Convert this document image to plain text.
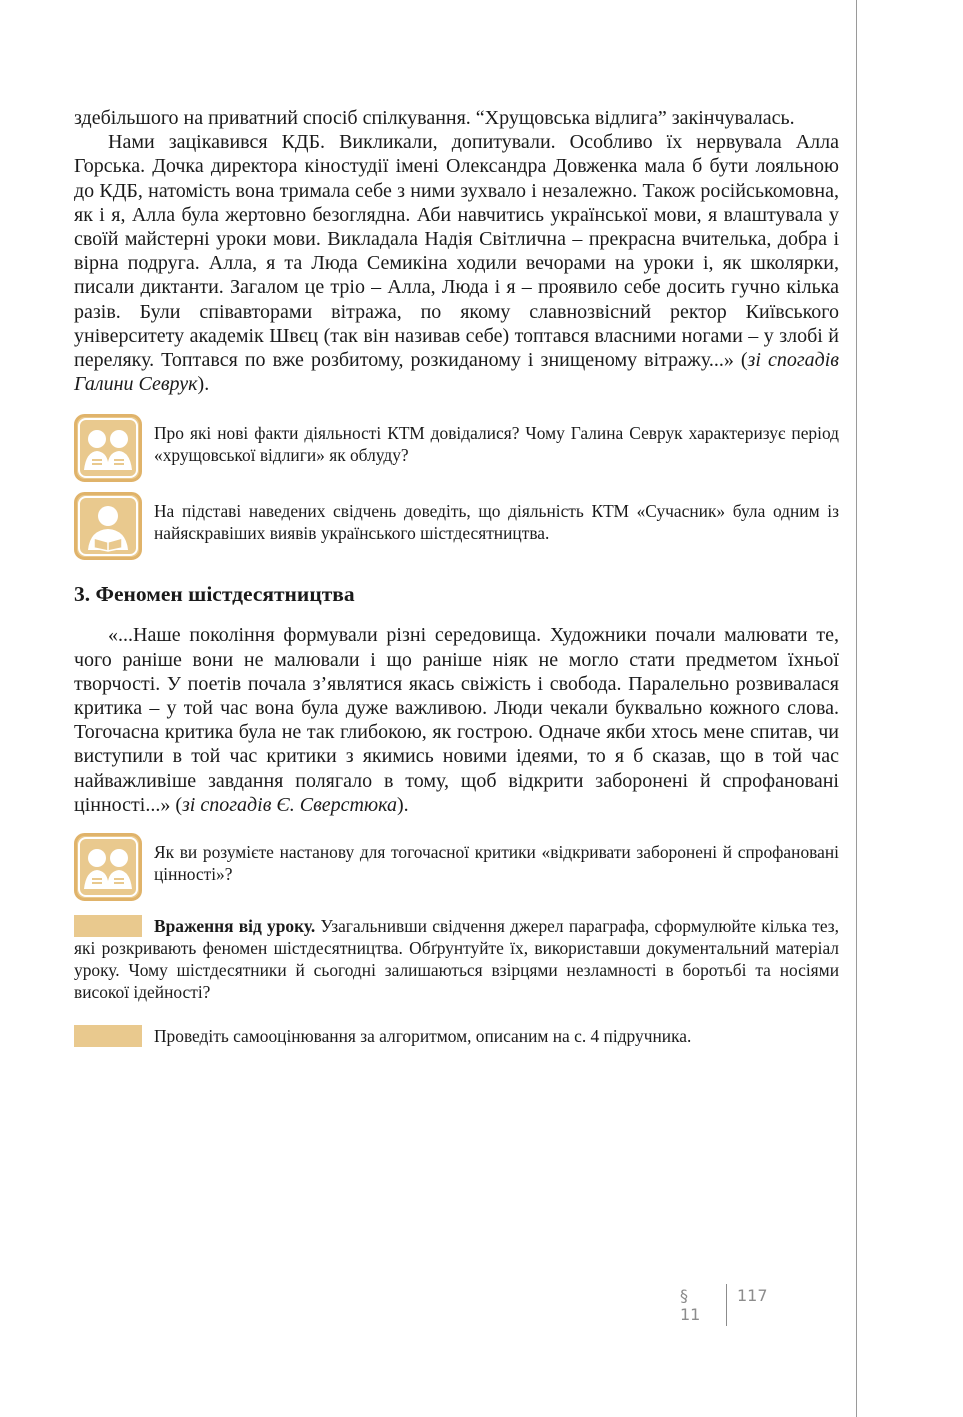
здебільшого на приватний спосіб спілкування. “Хрущовська відлига” закінчувалась.

Нами зацікавився КДБ. Викликали, допитували. Особливо їх нервувала Алла Горська. Дочка директора кіностудії імені Олександра Довженка мала б бути лояльною до КДБ, натомість вона тримала себе з ними зухвало і незалежно. Також російськомовна, як і я, Алла була жертовно безоглядна. Аби навчитись української мови, я влаштувала у своїй майстерні уроки мови. Викладала Надія Світлична – прекрасна вчителька, добра і вірна подруга. Алла, я та Люда Семикіна ходили вечорами на уроки і, як школярки, писали диктанти. Загалом це тріо – Алла, Люда і я – проявило себе досить гучно кілька разів. Були співавторами вітража, по якому славнозвісний ректор Київського університету академік Швєц (так він називав себе) топтався власними ногами – у злобі й переляку. Топтався по вже розбитому, розкиданому і знищеному вітражу...» (зі спогадів Галини Севрук).

Про які нові факти діяльності КТМ довідалися? Чому Галина Севрук характеризує період «хрущовської відлиги» як облуду?

На підставі наведених свідчень доведіть, що діяльність КТМ «Сучасник» була одним із найяскравіших виявів українського шістдесятництва.

3. Феномен шістдесятництва

«...Наше покоління формували різні середовища. Художники почали малювати те, чого раніше вони не малювали і що раніше ніяк не могло стати предметом їхньої творчості. У поетів почала з’являтися якась свіжість і свобода. Паралельно розвивалася критика – у той час вона була дуже важливою. Люди чекали буквально кожного слова. Тогочасна критика була не так глибокою, як гострою. Одначе якби хтось мене спитав, чи виступили в той час критики з якимись новими ідеями, то я б сказав, що в той час найважливіше завдання полягало в тому, щоб відкрити заборонені й спрофановані цінності...» (зі спогадів Є. Сверстюка).

Як ви розумієте настанову для тогочасної критики «відкривати заборонені й спрофановані цінності»?

Враження від уроку. Узагальнивши свідчення джерел параграфа, сформулюйте кілька тез, які розкривають феномен шістдесятництва. Обґрунтуйте їх, використавши документальний матеріал уроку. Чому шістдесятники й сьогодні залишаються взірцями незламності в боротьбі та носіями високої ідейності?

Проведіть самооцінювання за алгоритмом, описаним на с. 4 підручника.

§ 11
117
